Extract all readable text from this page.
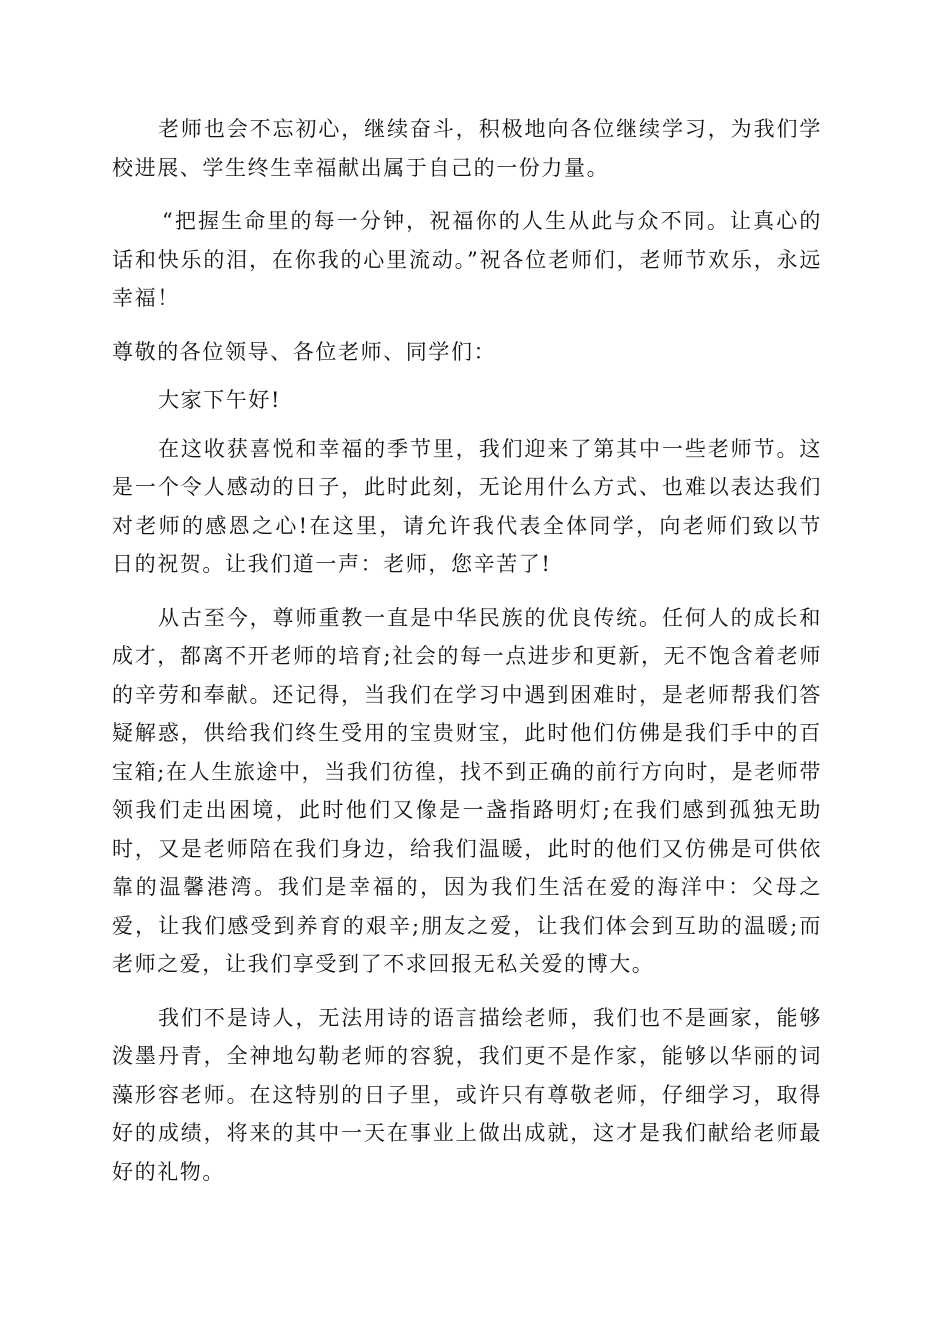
老师也会不忘初心，继续奋斗，积极地向各位继续学习，为我们学校进展、学生终生幸福献出属于自己的一份力量。

“把握生命里的每一分钟，祝福你的人生从此与众不同。让真心的话和快乐的泪，在你我的心里流动。”祝各位老师们，老师节欢乐，永远幸福！

尊敬的各位领导、各位老师、同学们：

大家下午好!

在这收获喜悦和幸福的季节里，我们迎来了第其中一些老师节。这是一个令人感动的日子，此时此刻，无论用什么方式、也难以表达我们对老师的感恩之心!在这里，请允许我代表全体同学，向老师们致以节日的祝贺。让我们道一声：老师，您辛苦了!

从古至今，尊师重教一直是中华民族的优良传统。任何人的成长和成才，都离不开老师的培育;社会的每一点进步和更新，无不饱含着老师的辛劳和奉献。还记得，当我们在学习中遇到困难时，是老师帮我们答疑解惑，供给我们终生受用的宝贵财宝，此时他们仿佛是我们手中的百宝箱;在人生旅途中，当我们彷徨，找不到正确的前行方向时，是老师带领我们走出困境，此时他们又像是一盏指路明灯;在我们感到孤独无助时，又是老师陪在我们身边，给我们温暖，此时的他们又仿佛是可供依靠的温馨港湾。我们是幸福的，因为我们生活在爱的海洋中：父母之爱，让我们感受到养育的艰辛;朋友之爱，让我们体会到互助的温暖;而老师之爱，让我们享受到了不求回报无私关爱的博大。

我们不是诗人，无法用诗的语言描绘老师，我们也不是画家，能够泼墨丹青，全神地勾勒老师的容貌，我们更不是作家，能够以华丽的词藻形容老师。在这特别的日子里，或许只有尊敬老师，仔细学习，取得好的成绩，将来的其中一天在事业上做出成就，这才是我们献给老师最好的礼物。
